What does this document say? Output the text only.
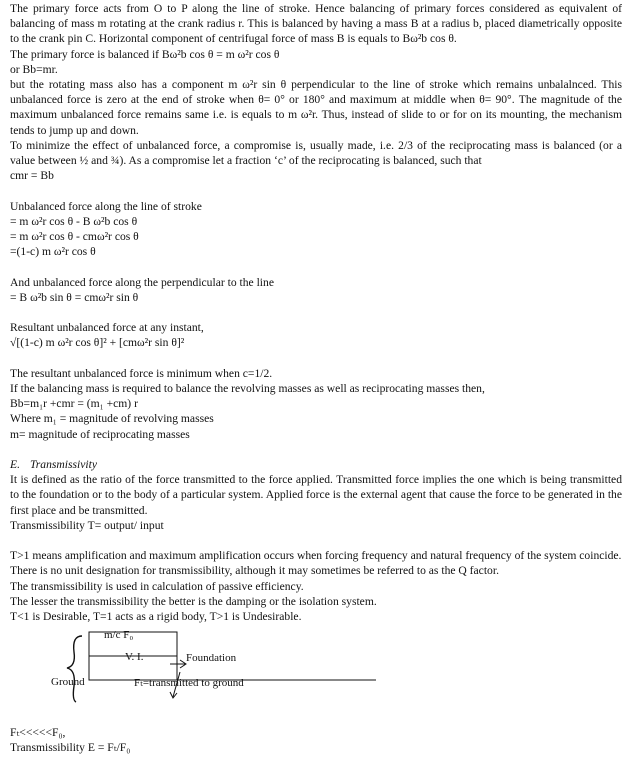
The primary force acts from O to P along the line of stroke. Hence balancing of primary forces considered as equivalent of balancing of mass m rotating at the crank radius r. This is balanced by having a mass B at a radius b, placed diametrically opposite to the crank pin C. Horizontal component of centrifugal force of mass B is equals to Bω²b cos θ.

The primary force is balanced if Bω²b cos θ = m ω²r cos θ

or Bb=mr.

but the rotating mass also has a component m ω²r sin θ perpendicular to the line of stroke which remains unbalalnced. This unbalanced force is zero at the end of stroke when θ= 0° or 180° and maximum at middle when θ= 90°. The magnitude of the maximum unbalanced force remains same i.e. is equals to m ω²r. Thus, instead of slide to or for on its mounting, the mechanism tends to jump up and down.

To minimize the effect of unbalanced force, a compromise is, usually made, i.e. 2/3 of the reciprocating mass is balanced (or a value between ½ and ¾). As a compromise let a fraction ‘c’ of the reciprocating is balanced, such that

cmr = Bb

Unbalanced force along the line of stroke

= m ω²r cos θ - B ω²b cos θ

= m ω²r cos θ - cmω²r cos θ

=(1-c) m ω²r cos θ

And unbalanced force along the perpendicular to the line

= B ω²b sin θ = cmω²r sin θ

Resultant unbalanced force at any instant,

√[(1-c) m ω²r cos θ]² + [cmω²r sin θ]²

The resultant unbalanced force is minimum when c=1/2.

If the balancing mass is required to balance the revolving masses as well as reciprocating masses then,

Bb=m₁r +cmr = (m₁ +cm) r

Where m₁ = magnitude of revolving masses

m= magnitude of reciprocating masses

E. Transmissivity

It is defined as the ratio of the force transmitted to the force applied. Transmitted force implies the one which is being transmitted to the foundation or to the body of a particular system. Applied force is the external agent that cause the force to be generated in the first place and be transmitted.

Transmissibility T= output/ input

T>1 means amplification and maximum amplification occurs when forcing frequency and natural frequency of the system coincide.

There is no unit designation for transmissibility, although it may sometimes be referred to as the Q factor.

The transmissibility is used in calculation of passive efficiency.

The lesser the transmissibility the better is the damping or the isolation system.

T<1 is Desirable, T=1 acts as a rigid body, T>1 is Undesirable.

m/c F₀
V. I.	Foundation
Ground	Fₜ=transmitted to ground

Fₜ<<<<<F₀,

Transmissibility E = Fₜ/F₀
